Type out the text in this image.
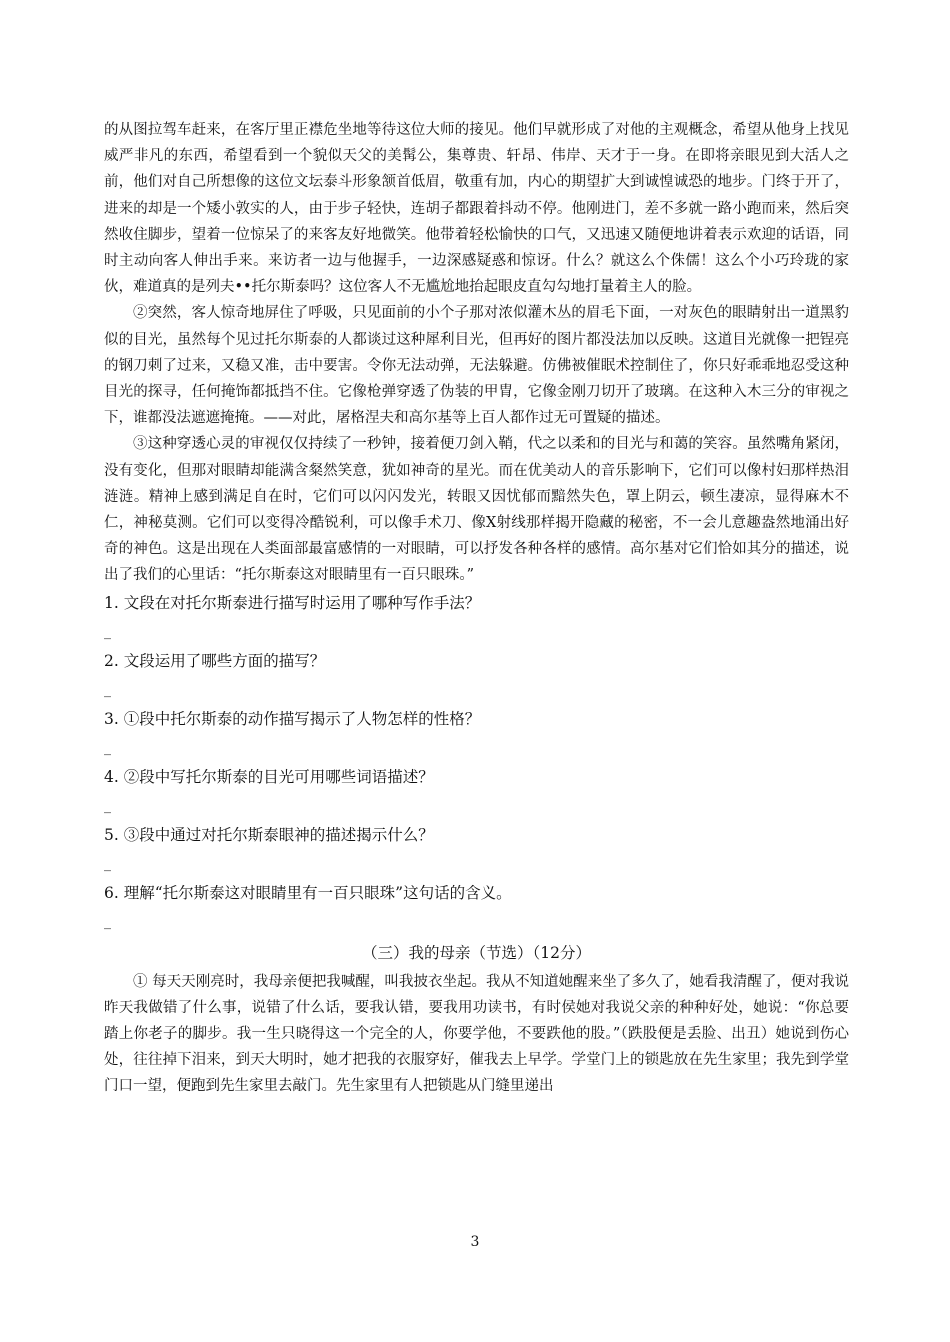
的从图拉驾车赶来，在客厅里正襟危坐地等待这位大师的接见。他们早就形成了对他的主观概念，希望从他身上找见威严非凡的东西，希望看到一个貌似天父的美髯公，集尊贵、轩昂、伟岸、天才于一身。在即将亲眼见到大活人之前，他们对自己所想像的这位文坛泰斗形象颔首低眉，敬重有加，内心的期望扩大到诚惶诚恐的地步。门终于开了，进来的却是一个矮小敦实的人，由于步子轻快，连胡子都跟着抖动不停。他刚进门，差不多就一路小跑而来，然后突然收住脚步，望着一位惊呆了的来客友好地微笑。他带着轻松愉快的口气，又迅速又随便地讲着表示欢迎的话语，同时主动向客人伸出手来。来访者一边与他握手，一边深感疑惑和惊讶。什么？就这么个侏儒！这么个小巧玲珑的家伙，难道真的是列夫••托尔斯泰吗？这位客人不无尴尬地抬起眼皮直勾勾地打量着主人的脸。

②突然，客人惊奇地屏住了呼吸，只见面前的小个子那对浓似灌木丛的眉毛下面，一对灰色的眼睛射出一道黑豹似的目光，虽然每个见过托尔斯泰的人都谈过这种犀利目光，但再好的图片都没法加以反映。这道目光就像一把锃亮的钢刀刺了过来，又稳又准，击中要害。令你无法动弹，无法躲避。仿佛被催眠术控制住了，你只好乖乖地忍受这种目光的探寻，任何掩饰都抵挡不住。它像枪弹穿透了伪装的甲胄，它像金刚刀切开了玻璃。在这种入木三分的审视之下，谁都没法遮遮掩掩。——对此，屠格涅夫和高尔基等上百人都作过无可置疑的描述。

③这种穿透心灵的审视仅仅持续了一秒钟，接着便刀剑入鞘，代之以柔和的目光与和蔼的笑容。虽然嘴角紧闭，没有变化，但那对眼睛却能满含粲然笑意，犹如神奇的星光。而在优美动人的音乐影响下，它们可以像村妇那样热泪涟涟。精神上感到满足自在时，它们可以闪闪发光，转眼又因忧郁而黯然失色，罩上阴云，顿生凄凉，显得麻木不仁，神秘莫测。它们可以变得冷酷锐利，可以像手术刀、像X射线那样揭开隐藏的秘密，不一会儿意趣盎然地涌出好奇的神色。这是出现在人类面部最富感情的一对眼睛，可以抒发各种各样的感情。高尔基对它们恰如其分的描述，说出了我们的心里话：“托尔斯泰这对眼睛里有一百只眼珠。”

1. 文段在对托尔斯泰进行描写时运用了哪种写作手法？

_

2. 文段运用了哪些方面的描写？

_

3. ①段中托尔斯泰的动作描写揭示了人物怎样的性格？

_

4. ②段中写托尔斯泰的目光可用哪些词语描述？

_

5. ③段中通过对托尔斯泰眼神的描述揭示什么？

_

6. 理解“托尔斯泰这对眼睛里有一百只眼珠”这句话的含义。

_

（三）我的母亲（节选）（12分）

① 每天天刚亮时，我母亲便把我喊醒，叫我披衣坐起。我从不知道她醒来坐了多久了，她看我清醒了，便对我说昨天我做错了什么事，说错了什么话，要我认错，要我用功读书，有时侯她对我说父亲的种种好处，她说：“你总要踏上你老子的脚步。我一生只晓得这一个完全的人，你要学他，不要跌他的股。”（跌股便是丢脸、出丑）她说到伤心处，往往掉下泪来，到天大明时，她才把我的衣服穿好，催我去上早学。学堂门上的锁匙放在先生家里；我先到学堂门口一望，便跑到先生家里去敲门。先生家里有人把锁匙从门缝里递出

3
